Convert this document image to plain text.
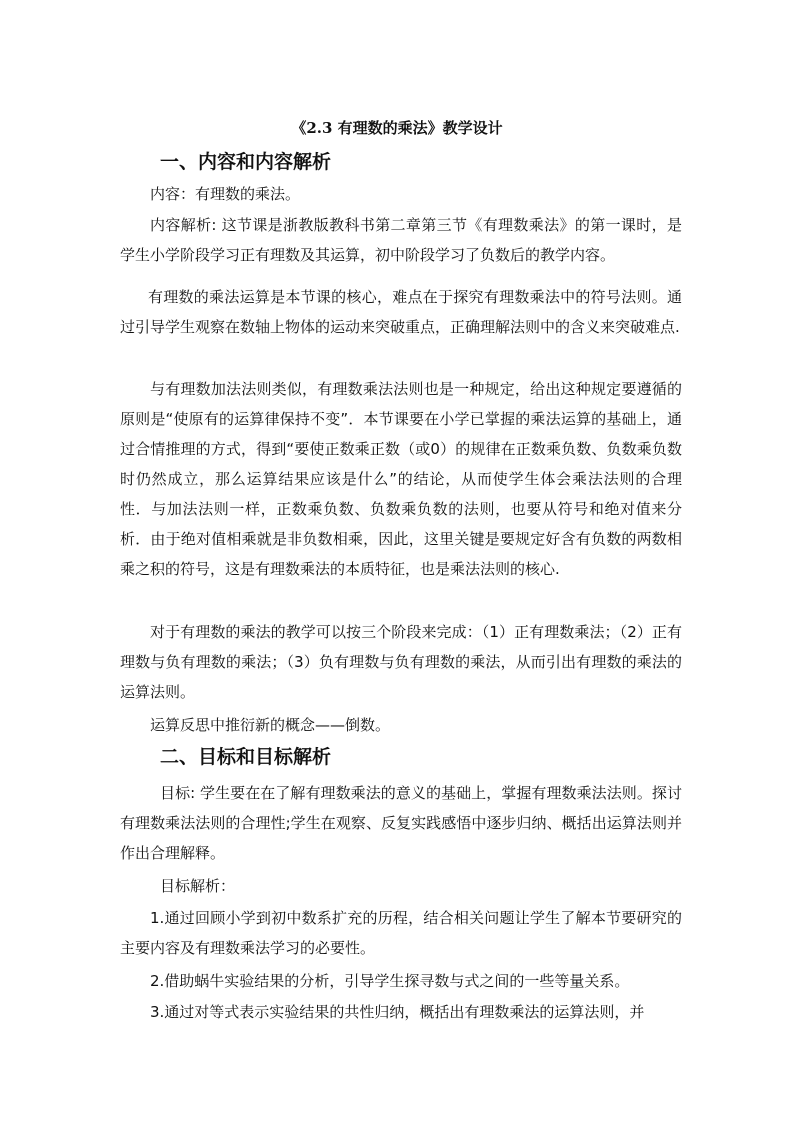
《2.3 有理数的乘法》教学设计
一、内容和内容解析
内容：有理数的乘法。
内容解析: 这节课是浙教版教科书第二章第三节《有理数乘法》的第一课时，是学生小学阶段学习正有理数及其运算，初中阶段学习了负数后的教学内容。
有理数的乘法运算是本节课的核心，难点在于探究有理数乘法中的符号法则。通过引导学生观察在数轴上物体的运动来突破重点，正确理解法则中的含义来突破难点.
与有理数加法法则类似，有理数乘法法则也是一种规定，给出这种规定要遵循的原则是“使原有的运算律保持不变”．本节课要在小学已掌握的乘法运算的基础上，通过合情推理的方式，得到“要使正数乘正数（或0）的规律在正数乘负数、负数乘负数时仍然成立，那么运算结果应该是什么”的结论，从而使学生体会乘法法则的合理性．与加法法则一样，正数乘负数、负数乘负数的法则，也要从符号和绝对值来分析．由于绝对值相乘就是非负数相乘，因此，这里关键是要规定好含有负数的两数相乘之积的符号，这是有理数乘法的本质特征，也是乘法法则的核心.
对于有理数的乘法的教学可以按三个阶段来完成：（1）正有理数乘法；（2）正有理数与负有理数的乘法；（3）负有理数与负有理数的乘法，从而引出有理数的乘法的运算法则。
运算反思中推衍新的概念——倒数。
二、目标和目标解析
目标: 学生要在在了解有理数乘法的意义的基础上，掌握有理数乘法法则。探讨有理数乘法法则的合理性;学生在观察、反复实践感悟中逐步归纳、概括出运算法则并作出合理解释。
目标解析：
1.通过回顾小学到初中数系扩充的历程，结合相关问题让学生了解本节要研究的主要内容及有理数乘法学习的必要性。
2.借助蜗牛实验结果的分析，引导学生探寻数与式之间的一些等量关系。
3.通过对等式表示实验结果的共性归纳，概括出有理数乘法的运算法则，并
